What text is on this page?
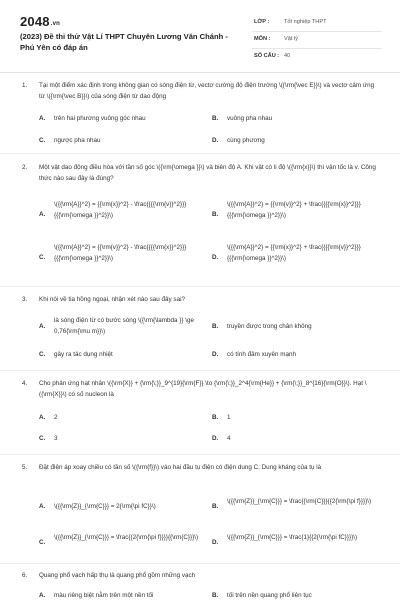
2048.vn
(2023) Đề thi thử Vật Lí THPT Chuyên Lương Văn Chánh - Phú Yên có đáp án
LỚP :	Tốt nghiệp THPT
MÔN : Vật lý
SỐ CÂU : 40
1. Tại một điểm xác định trong không gian có sóng điện từ, vectơ cường độ điện trường \({\rm{\vec E}}\) và vectơ cảm ứng từ \({\rm{\vec B}}\) của sóng điện từ dao động
A. trên hai phương vuông góc nhau	B. vuông pha nhau
C. ngược pha nhau	D. cùng phương
2. Một vật dao động điều hòa với tần số góc \({\rm{\omega }}\) và biên độ A. Khi vật có li độ \({\rm{x}}\) thì vận tốc là v. Công thức nào sau đây là đúng?
A.
\({{\rm{A}}^2} = {{\rm{x}}^2} - \frac{{{{\rm{v}}^2}}}{{{\rm{\omega }}^2}}\)	B.
\({{\rm{A}}^2} = {{\rm{v}}^2} + \frac{{{{\rm{x}}^2}}}{{{\rm{\omega }}^2}}\)
C.
\({{\rm{A}}^2} = {{\rm{v}}^2} - \frac{{{{\rm{x}}^2}}}{{{\rm{\omega }}^2}}\)	D.
\({{\rm{A}}^2} = {{\rm{x}}^2} + \frac{{{{\rm{v}}^2}}}{{{\rm{\omega }}^2}}\)
3. Khi nói về tia hồng ngoại, nhận xét nào sau đây sai?
A.
là sóng điện từ có bước sóng \({\rm{\lambda }} \ge 0,76{\rm{\mu m}}\)
B. truyền được trong chân không
C. gây ra tác dụng nhiệt	D. có tính đâm xuyên mạnh
4. Cho phản ứng hạt nhân \({\rm{X}} + {\rm{\;}}_9^{19}{\rm{F}} \to {\rm{\;}}_2^4{\rm{He}} + {\rm{\;}}_8^{16}{\rm{O}}\). Hạt \({\rm{X}}\) có số nucleon là
A. 2	B. 1
C. 3	D. 4
5. Đặt điện áp xoay chiều có tần số \({\rm{f}}\) vào hai đầu tụ điện có điện dung C. Dung kháng của tụ là
A. \({{\rm{Z}}_{\rm{C}}} = 2{\rm{\pi fC}}\)	B.
\({{\rm{Z}}_{\rm{C}}} = \frac{{\rm{C}}}{{2{\rm{\pi f}}}}\)
C.
\({{\rm{Z}}_{\rm{C}}} = \frac{{2{\rm{\pi f}}}}{{\rm{C}}}\)
D.
\({{\rm{Z}}_{\rm{C}}} = \frac{1}{{2{\rm{\pi fC}}}}\)
6. Quang phổ vạch hấp thụ là quang phổ gồm những vạch
A. màu riêng biệt nằm trên một nền tối	B. tối trên nền quang phổ liên tục
